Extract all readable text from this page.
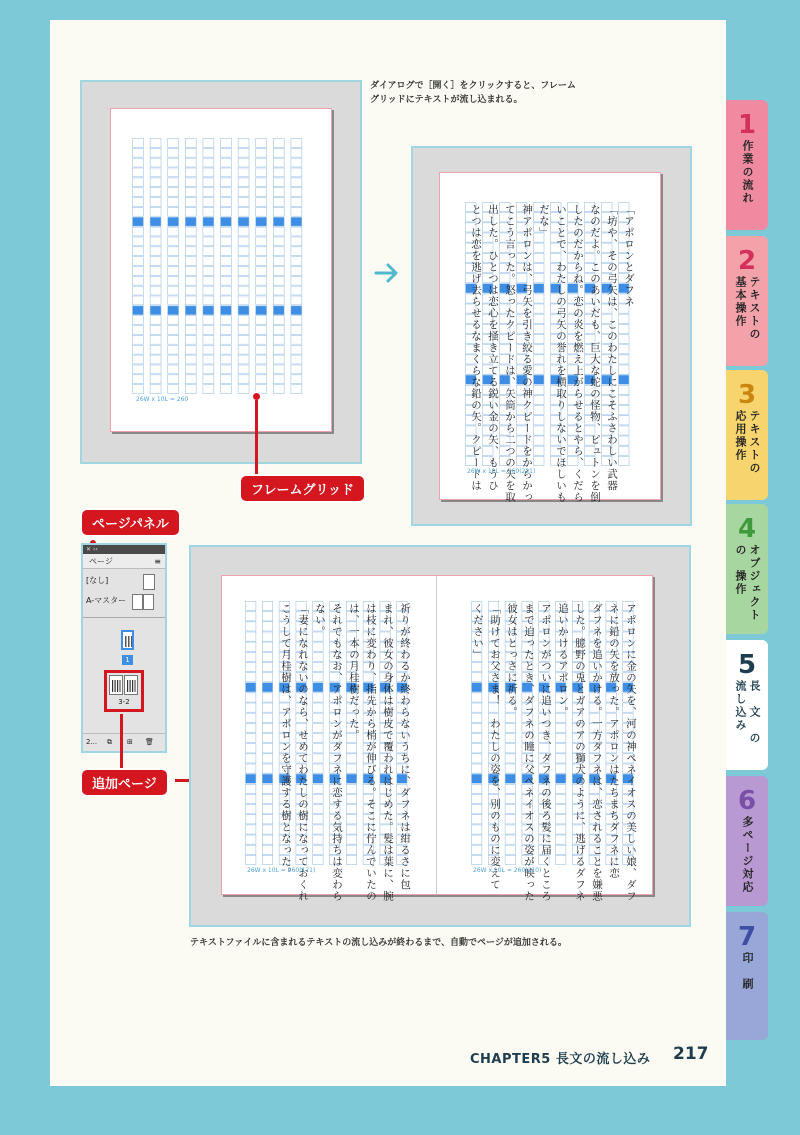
ダイアログで［開く］をクリックすると、フレーム
グリッドにテキストが流し込まれる。
26W x 10L = 260
「アポロンとダフネ
「坊や、その弓矢は、このわたしにこそふさわしい武器
なのだよ。このあいだも、巨大な蛇の怪物、ピュトンを倒
したのだからね。恋の炎を燃え上がらせるとやら、くだら
いことで、わたしの弓矢の誉れを横取りしないでほしいも
だな」
神アポロンは、弓矢を引き絞る愛の神クピードをからかっ
てこう言った。怒ったクピードは、矢筒から二つの矢を取
出した。ひとつは恋心を掻き立てる鋭い金の矢、もうひ
とつは恋を逃げ去らせるなまくらな鉛の矢。クピードは
26W x 10L = 260(221)
フレームグリッド
ページパネル
✕ ‹‹
ページ	≡
[なし]
A-マスター
1
3-2
2... ⧉ ⊞ 🗑
追加ページ	祈りが終わるか終わらないうちに、ダフネは紺るさに包
まれ、彼女の身体は樹皮で覆われはじめた。髪は葉に、腕
は枝に変わり、指先から梢が伸びる。そこに佇んでいたの
は、一本の月桂樹だった。
それでもなお、アポロンがダフネに恋する気持ちは変わら
ない。
「妻になれないのなら、せめてわたしの樹になっておくれ
こうして月桂樹は、アポロンを守護する樹となった。	アポロンに金の矢を、河の神ペネイオスの美しい娘、ダフ
ネに鉛の矢を放った。アポロンはたちまちダフネに恋
ダフネを追いかける。一方ダフネは、恋されることを嫌悪
した。臆野の兎とガアのアの獅犬のように、逃げるダフネ
追いかけるアポロン。
アポロンがついに追いつき、ダフネの後ろ髪に届くところ
まで迫ったとき、ダフネの瞳に父ペネイオスの姿が映った
彼女はとっさに祈る。
「助けてお父さま！　わたしの姿を、別のものに変えて
ください」
26W x 10L = 260(171)	26W x 10L = 260(210)
テキストファイルに含まれるテキストの流し込みが終わるまで、自動でページが追加される。
1
作業の流れ
2
テキストの
基本操作
3
テキストの
応用操作
4
オブジェクト
の　操作
5
長　文　の
流し込み
6
多ページ対応
7
印　刷
CHAPTER5 長文の流し込み 217
